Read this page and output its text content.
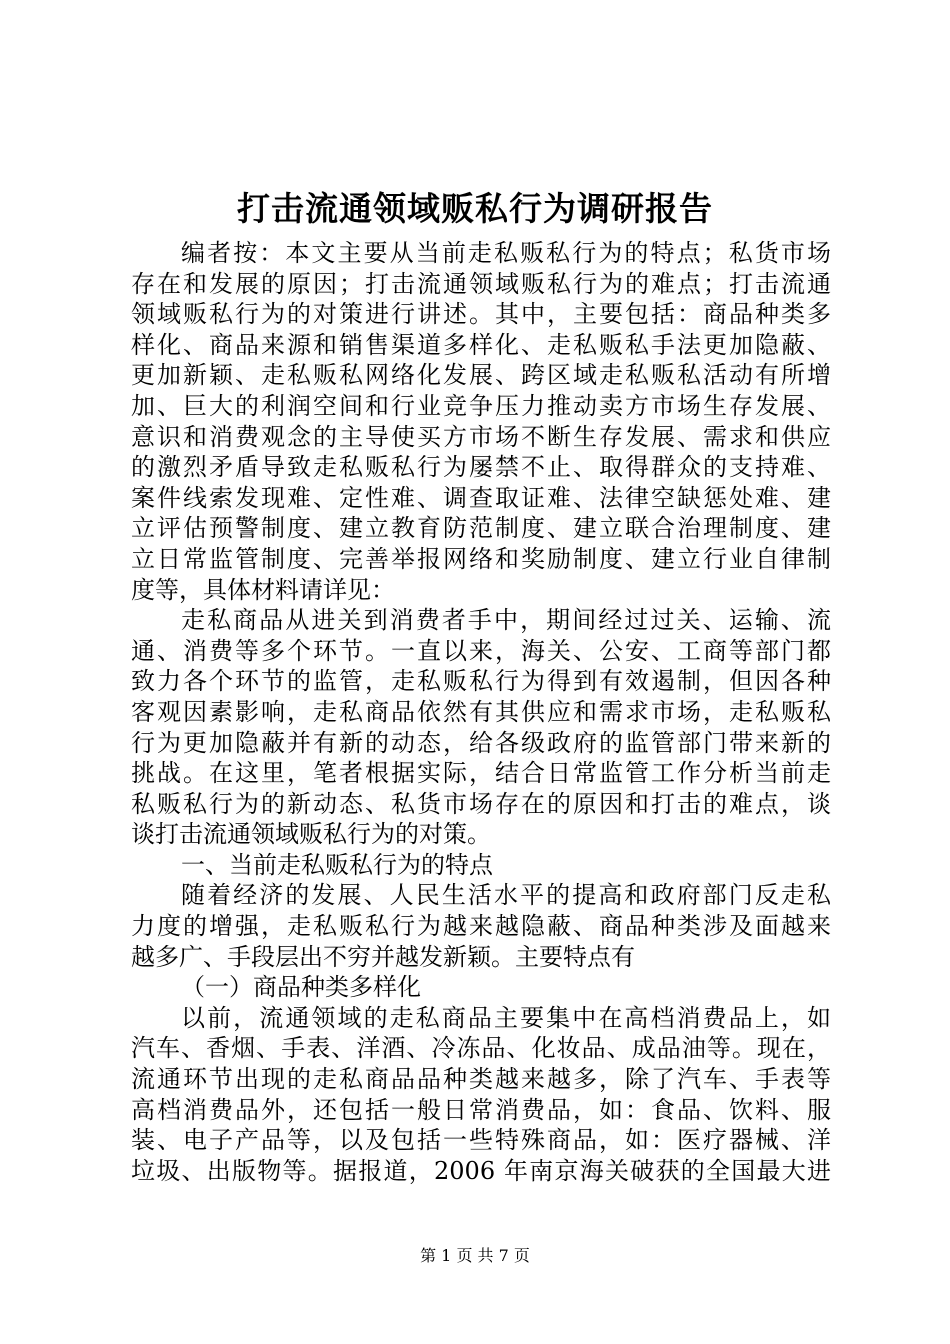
打击流通领域贩私行为调研报告
编者按：本文主要从当前走私贩私行为的特点；私货市场
存在和发展的原因；打击流通领域贩私行为的难点；打击流通
领域贩私行为的对策进行讲述。其中，主要包括：商品种类多
样化、商品来源和销售渠道多样化、走私贩私手法更加隐蔽、
更加新颖、走私贩私网络化发展、跨区域走私贩私活动有所增
加、巨大的利润空间和行业竞争压力推动卖方市场生存发展、
意识和消费观念的主导使买方市场不断生存发展、需求和供应
的激烈矛盾导致走私贩私行为屡禁不止、取得群众的支持难、
案件线索发现难、定性难、调查取证难、法律空缺惩处难、建
立评估预警制度、建立教育防范制度、建立联合治理制度、建
立日常监管制度、完善举报网络和奖励制度、建立行业自律制
度等，具体材料请详见：
走私商品从进关到消费者手中，期间经过过关、运输、流
通、消费等多个环节。一直以来，海关、公安、工商等部门都
致力各个环节的监管，走私贩私行为得到有效遏制，但因各种
客观因素影响，走私商品依然有其供应和需求市场，走私贩私
行为更加隐蔽并有新的动态，给各级政府的监管部门带来新的
挑战。在这里，笔者根据实际，结合日常监管工作分析当前走
私贩私行为的新动态、私货市场存在的原因和打击的难点，谈
谈打击流通领域贩私行为的对策。
一、当前走私贩私行为的特点
随着经济的发展、人民生活水平的提高和政府部门反走私
力度的增强，走私贩私行为越来越隐蔽、商品种类涉及面越来
越多广、手段层出不穷并越发新颖。主要特点有
（一）商品种类多样化
以前，流通领域的走私商品主要集中在高档消费品上，如
汽车、香烟、手表、洋酒、冷冻品、化妆品、成品油等。现在，
流通环节出现的走私商品品种类越来越多，除了汽车、手表等
高档消费品外，还包括一般日常消费品，如：食品、饮料、服
装、电子产品等，以及包括一些特殊商品，如：医疗器械、洋
垃圾、出版物等。据报道，2006 年南京海关破获的全国最大进
第 1 页 共 7 页
